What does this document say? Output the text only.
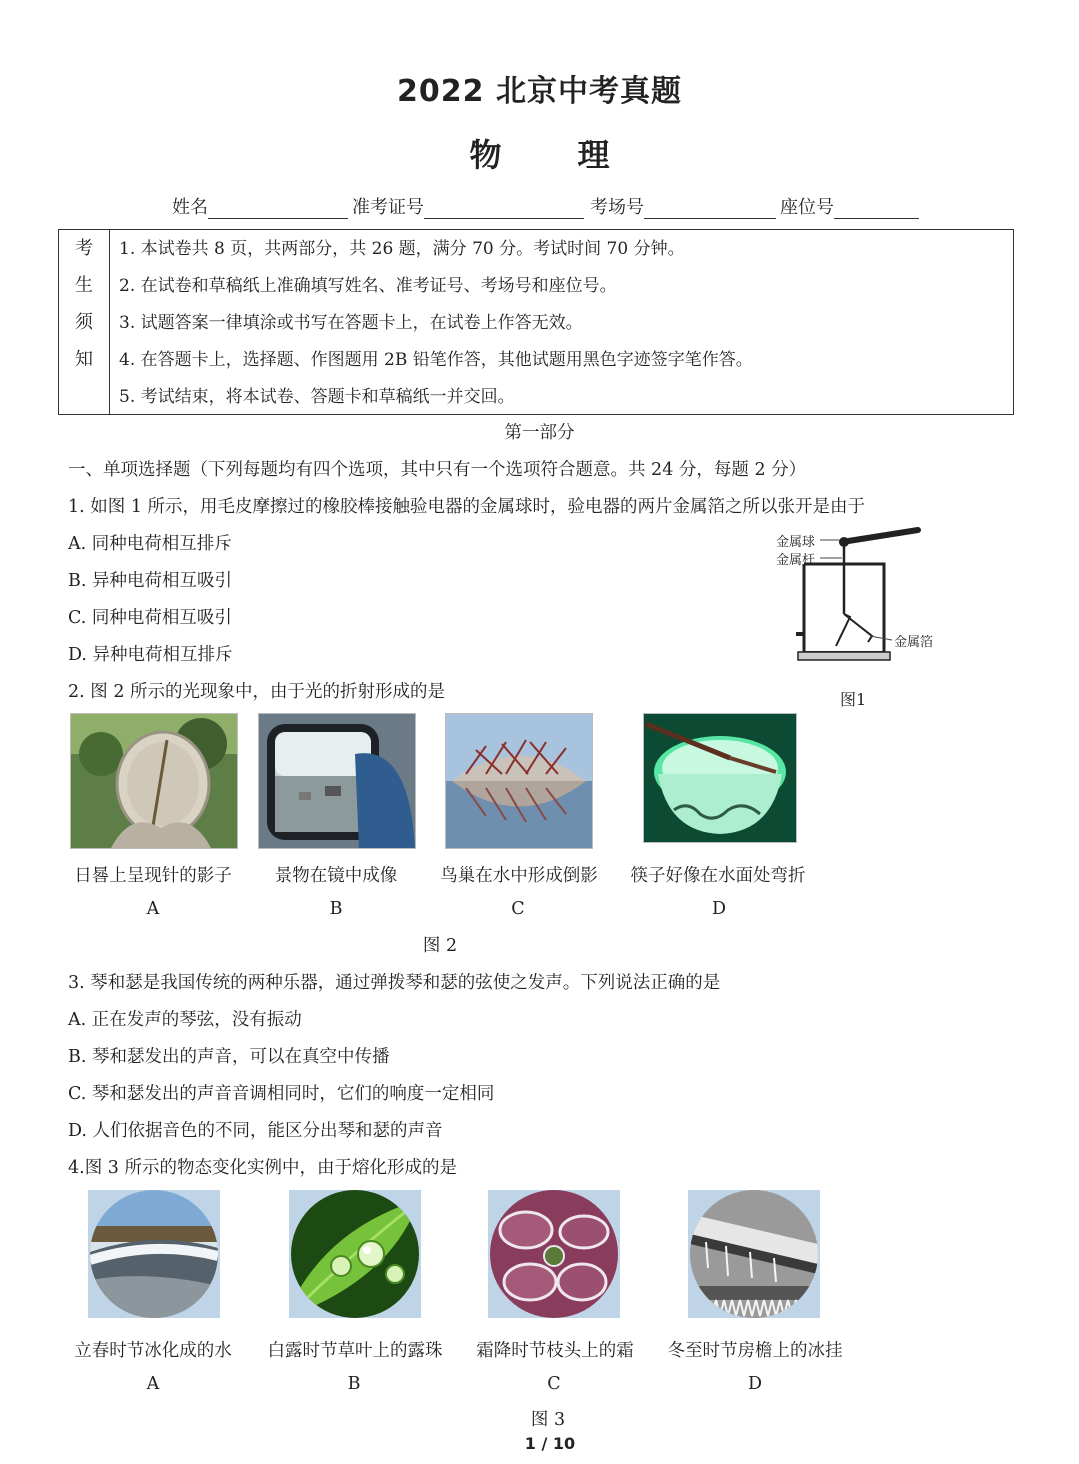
2022 北京中考真题
物 理
姓名	准考证号	考场号	座位号
考
生
须
知
1. 本试卷共 8 页，共两部分，共 26 题，满分 70 分。考试时间 70 分钟。
2. 在试卷和草稿纸上准确填写姓名、准考证号、考场号和座位号。
3. 试题答案一律填涂或书写在答题卡上，在试卷上作答无效。
4. 在答题卡上，选择题、作图题用 2B 铅笔作答，其他试题用黑色字迹签字笔作答。
5. 考试结束，将本试卷、答题卡和草稿纸一并交回。
第一部分
一、单项选择题（下列每题均有四个选项，其中只有一个选项符合题意。共 24 分，每题 2 分）
1. 如图 1 所示，用毛皮摩擦过的橡胶棒接触验电器的金属球时，验电器的两片金属箔之所以张开是由于
A. 同种电荷相互排斥
B. 异种电荷相互吸引
C. 同种电荷相互吸引
D. 异种电荷相互排斥
金属球
金属杆
金属箔
图1
2. 图 2 所示的光现象中，由于光的折射形成的是
日晷上呈现针的影子	景物在镜中成像	鸟巢在水中形成倒影	筷子好像在水面处弯折
A	B	C	D
图 2
3. 琴和瑟是我国传统的两种乐器，通过弹拨琴和瑟的弦使之发声。下列说法正确的是
A. 正在发声的琴弦，没有振动
B. 琴和瑟发出的声音，可以在真空中传播
C. 琴和瑟发出的声音音调相同时，它们的响度一定相同
D. 人们依据音色的不同，能区分出琴和瑟的声音
4.图 3 所示的物态变化实例中，由于熔化形成的是
立春时节冰化成的水	白露时节草叶上的露珠	霜降时节枝头上的霜	冬至时节房檐上的冰挂
A	B	C	D
图 3
1 / 10
